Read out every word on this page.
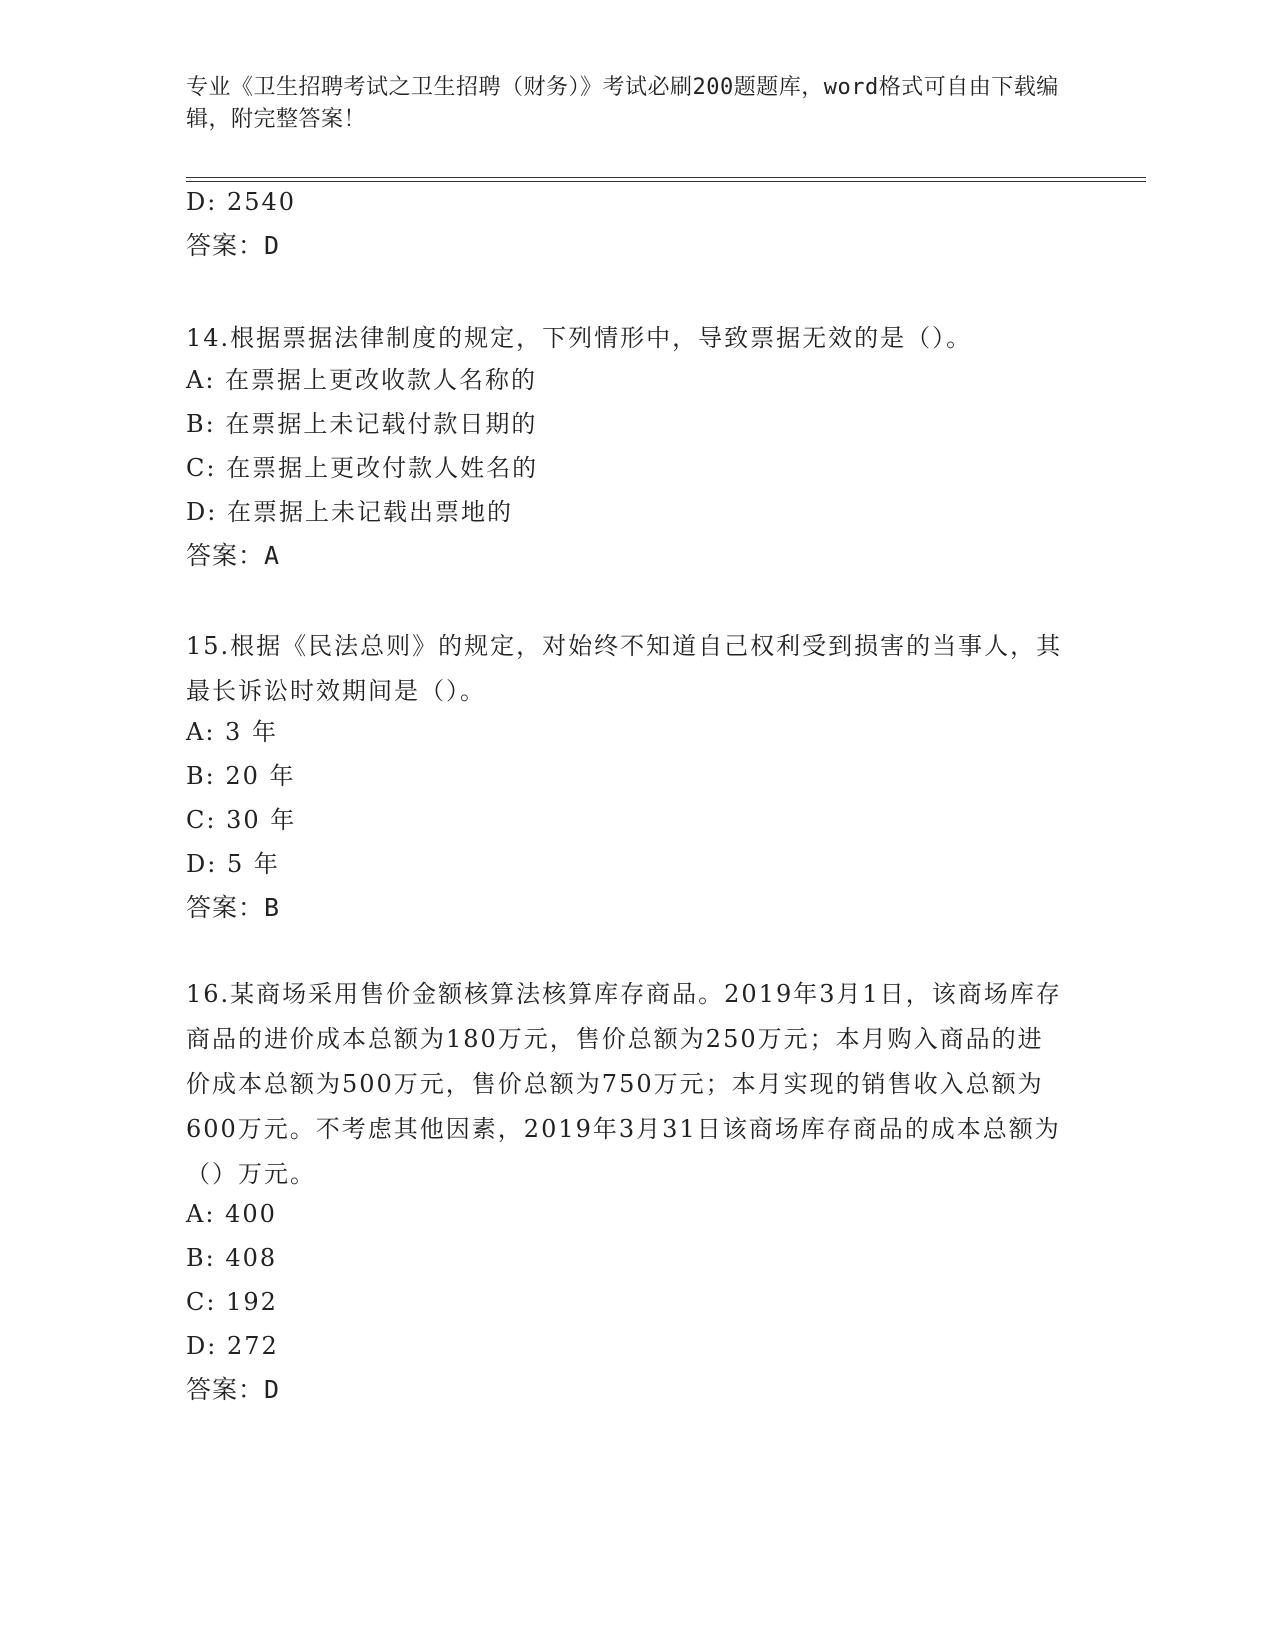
专业《卫生招聘考试之卫生招聘（财务）》考试必刷200题题库，word格式可自由下载编辑，附完整答案！
D: 2540
答案：D
14.根据票据法律制度的规定，下列情形中，导致票据无效的是（）。
A: 在票据上更改收款人名称的
B: 在票据上未记载付款日期的
C: 在票据上更改付款人姓名的
D: 在票据上未记载出票地的
答案：A
15.根据《民法总则》的规定，对始终不知道自己权利受到损害的当事人，其最长诉讼时效期间是（）。
A: 3 年
B: 20 年
C: 30 年
D: 5 年
答案：B
16.某商场采用售价金额核算法核算库存商品。2019年3月1日，该商场库存商品的进价成本总额为180万元，售价总额为250万元；本月购入商品的进价成本总额为500万元，售价总额为750万元；本月实现的销售收入总额为600万元。不考虑其他因素，2019年3月31日该商场库存商品的成本总额为（）万元。
A: 400
B: 408
C: 192
D: 272
答案：D
